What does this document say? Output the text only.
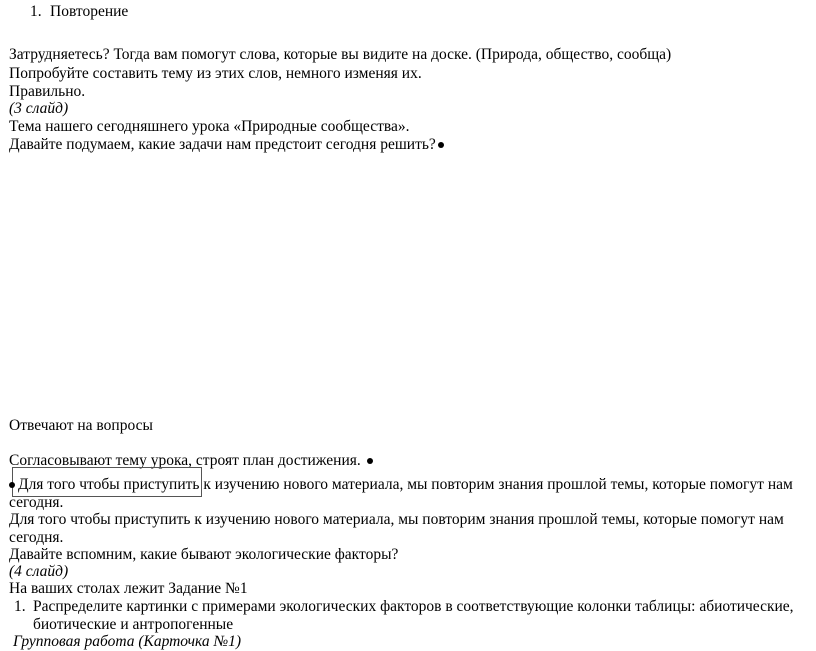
1. Повторение
Затрудняетесь? Тогда вам помогут слова, которые вы видите на доске. (Природа, общество, сообща)
Попробуйте составить тему из этих слов, немного изменяя их.
Правильно.
(3 слайд)
Тема нашего сегодняшнего урока «Природные сообщества».
Давайте подумаем, какие задачи нам предстоит сегодня решить?
Отвечают на вопросы
Согласовывают тему урока, строят план достижения.
Для того чтобы приступить к изучению нового материала, мы повторим знания прошлой темы, которые помогут нам
сегодня.
Для того чтобы приступить к изучению нового материала, мы повторим знания прошлой темы, которые помогут нам
сегодня.
Давайте вспомним, какие бывают экологические факторы?
(4 слайд)
На ваших столах лежит Задание №1
1. Распределите картинки с примерами экологических факторов в соответствующие колонки таблицы: абиотические,
биотические и антропогенные
Групповая работа (Карточка №1)
